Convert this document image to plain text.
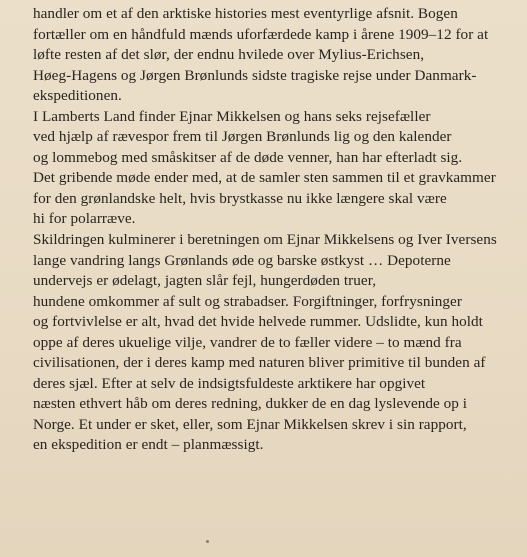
handler om et af den arktiske histories mest eventyrlige afsnit. Bogen
fortæller om en håndfuld mænds uforfærdede kamp i årene 1909–12 for at
løfte resten af det slør, der endnu hvilede over Mylius-Erichsen,
Høeg-Hagens og Jørgen Brønlunds sidste tragiske rejse under Danmark-
ekspeditionen.
I Lamberts Land finder Ejnar Mikkelsen og hans seks rejsefæller
ved hjælp af rævespor frem til Jørgen Brønlunds lig og den kalender
og lommebog med småskitser af de døde venner, han har efterladt sig.
Det gribende møde ender med, at de samler sten sammen til et gravkammer
for den grønlandske helt, hvis brystkasse nu ikke længere skal være
hi for polarræve.
Skildringen kulminerer i beretningen om Ejnar Mikkelsens og Iver Iversens
lange vandring langs Grønlands øde og barske østkyst … Depoterne
undervejs er ødelagt, jagten slår fejl, hungerdøden truer,
hundene omkommer af sult og strabadser. Forgiftninger, forfrysninger
og fortvivlelse er alt, hvad det hvide helvede rummer. Udslidte, kun holdt
oppe af deres ukuelige vilje, vandrer de to fæller videre – to mænd fra
civilisationen, der i deres kamp med naturen bliver primitive til bunden af
deres sjæl. Efter at selv de indsigtsfuldeste arktikere har opgivet
næsten ethvert håb om deres redning, dukker de en dag lyslevende op i
Norge. Et under er sket, eller, som Ejnar Mikkelsen skrev i sin rapport,
en ekspedition er endt – planmæssigt.
